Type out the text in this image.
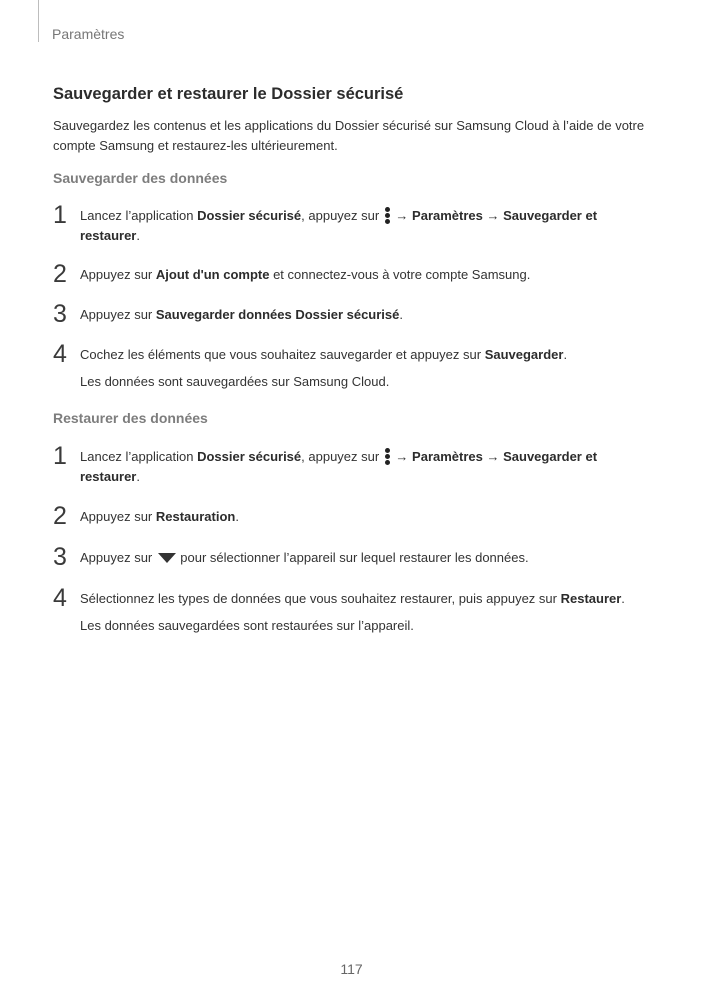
Paramètres
Sauvegarder et restaurer le Dossier sécurisé

Sauvegardez les contenus et les applications du Dossier sécurisé sur Samsung Cloud à l’aide de votre compte Samsung et restaurez-les ultérieurement.

Sauvegarder des données
1 Lancez l’application Dossier sécurisé, appuyez sur
→ Paramètres → Sauvegarder et restaurer.
2 Appuyez sur Ajout d'un compte et connectez-vous à votre compte Samsung.
3 Appuyez sur Sauvegarder données Dossier sécurisé.
4 Cochez les éléments que vous souhaitez sauvegarder et appuyez sur Sauvegarder.
Les données sont sauvegardées sur Samsung Cloud.
Restaurer des données
1 Lancez l’application Dossier sécurisé, appuyez sur
→ Paramètres → Sauvegarder et restaurer.
2 Appuyez sur Restauration.
3 Appuyez sur pour sélectionner l’appareil sur lequel restaurer les données.
4 Sélectionnez les types de données que vous souhaitez restaurer, puis appuyez sur Restaurer.
Les données sauvegardées sont restaurées sur l’appareil.
117
